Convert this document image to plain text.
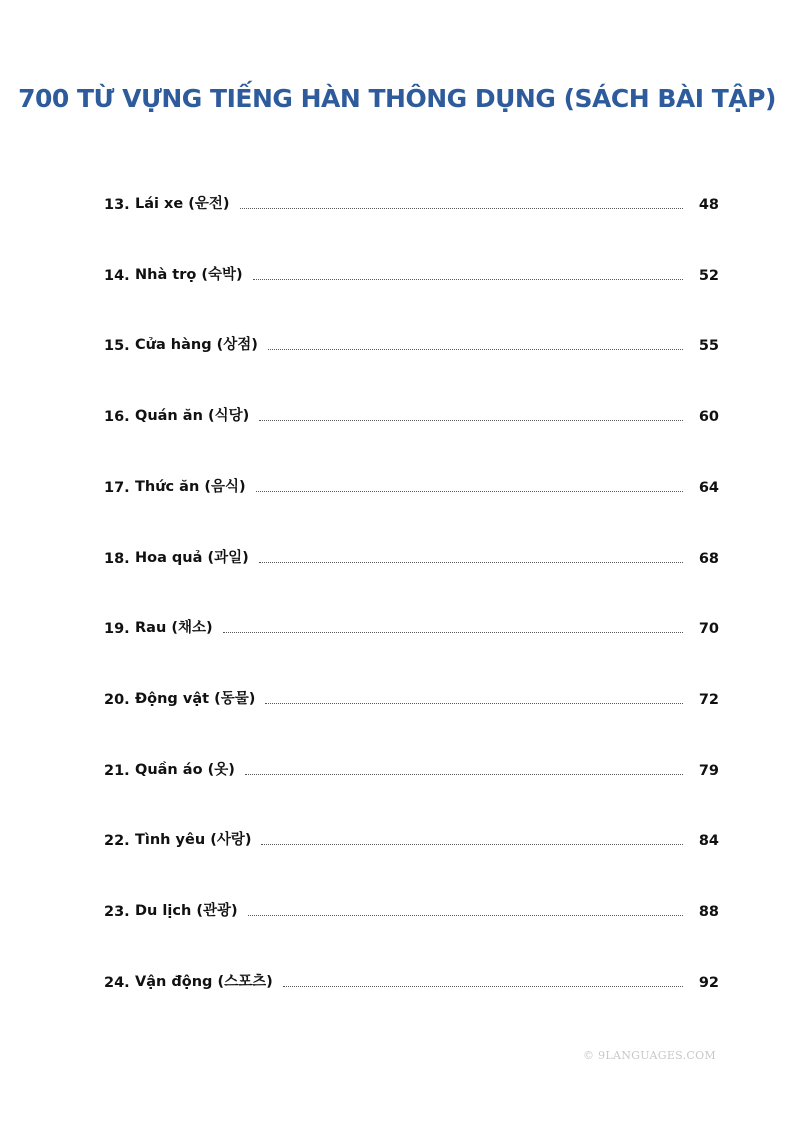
700 TỪ VỰNG TIẾNG HÀN THÔNG DỤNG (SÁCH BÀI TẬP)
13. Lái xe (운전)	48
14. Nhà trọ (숙박)	52
15. Cửa hàng (상점)	55
16. Quán ăn (식당)	60
17. Thức ăn (음식)	64
18. Hoa quả (과일)	68
19. Rau (채소)	70
20. Động vật (동물)	72
21. Quần áo (옷)	79
22. Tình yêu (사랑)	84
23. Du lịch (관광)	88
24. Vận động (스포츠)	92
© 9LANGUAGES.COM
